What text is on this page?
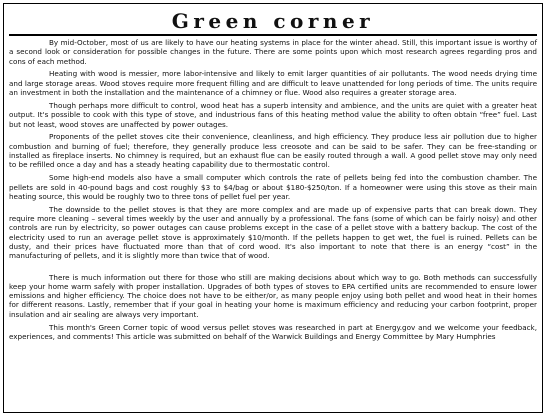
Green corner

By mid-October, most of us are likely to have our heating systems in place for the winter ahead. Still, this important issue is worthy of a second look or consideration for possible changes in the future. There are some points upon which most research agrees regarding pros and cons of each method.

Heating with wood is messier, more labor-intensive and likely to emit larger quantities of air pollutants. The wood needs drying time and large storage areas. Wood stoves require more frequent filling and are difficult to leave unattended for long periods of time. The units require an investment in both the installation and the maintenance of a chimney or flue. Wood also requires a greater storage area.

Though perhaps more difficult to control, wood heat has a superb intensity and ambience, and the units are quiet with a greater heat output. It's possible to cook with this type of stove, and industrious fans of this heating method value the ability to often obtain “free” fuel. Last but not least, wood stoves are unaffected by power outages.

Proponents of the pellet stoves cite their convenience, cleanliness, and high efficiency. They produce less air pollution due to higher combustion and burning of fuel; therefore, they generally produce less creosote and can be said to be safer. They can be free-standing or installed as fireplace inserts. No chimney is required, but an exhaust flue can be easily routed through a wall. A good pellet stove may only need to be refilled once a day and has a steady heating capability due to thermostatic control.

Some high-end models also have a small computer which controls the rate of pellets being fed into the combustion chamber. The pellets are sold in 40-pound bags and cost roughly $3 to $4/bag or about $180-$250/ton. If a homeowner were using this stove as their main heating source, this would be roughly two to three tons of pellet fuel per year.

The downside to the pellet stoves is that they are more complex and are made up of expensive parts that can break down. They require more cleaning – several times weekly by the user and annually by a professional. The fans (some of which can be fairly noisy) and other controls are run by electricity, so power outages can cause problems except in the case of a pellet stove with a battery backup. The cost of the electricity used to run an average pellet stove is approximately $10/month. If the pellets happen to get wet, the fuel is ruined. Pellets can be dusty, and their prices have fluctuated more than that of cord wood. It's also important to note that there is an energy “cost” in the manufacturing of pellets, and it is slightly more than twice that of wood.

There is much information out there for those who still are making decisions about which way to go. Both methods can successfully keep your home warm safely with proper installation. Upgrades of both types of stoves to EPA certified units are recommended to ensure lower emissions and higher efficiency. The choice does not have to be either/or, as many people enjoy using both pellet and wood heat in their homes for different reasons. Lastly, remember that if your goal in heating your home is maximum efficiency and reducing your carbon footprint, proper insulation and air sealing are always very important.

This month's Green Corner topic of wood versus pellet stoves was researched in part at Energy.gov and we welcome your feedback, experiences, and comments! This article was submitted on behalf of the Warwick Buildings and Energy Committee by Mary Humphries
